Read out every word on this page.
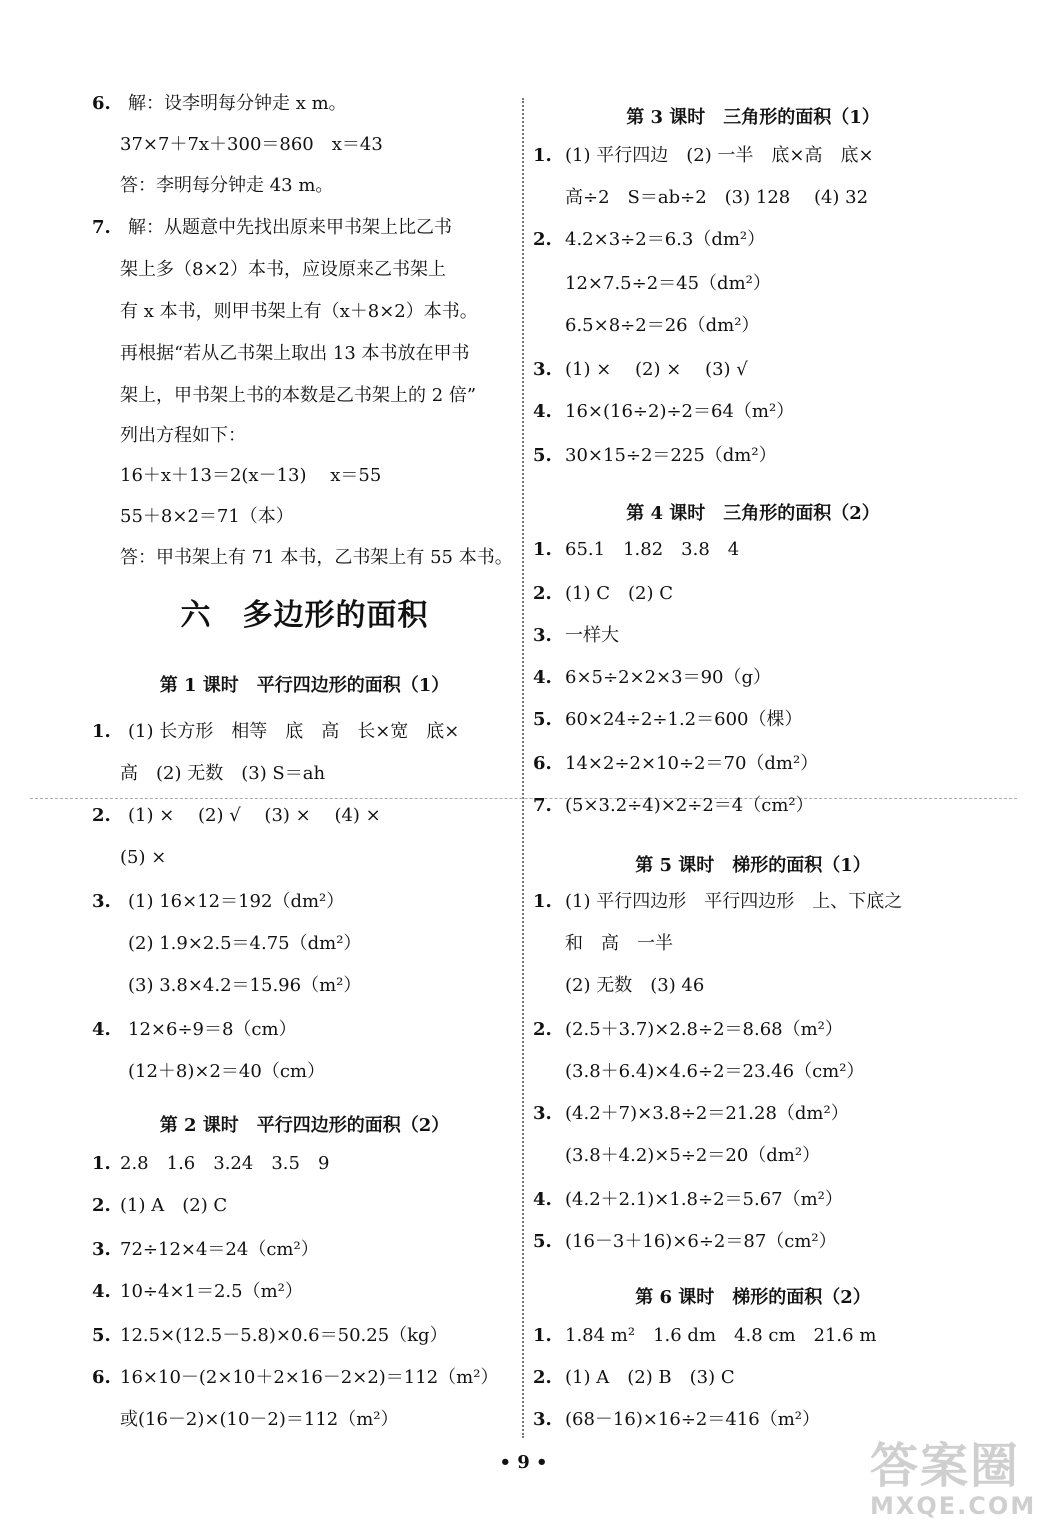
6. 解：设李明每分钟走 x m。
37×7＋7x＋300＝860　x＝43
答：李明每分钟走 43 m。
7. 解：从题意中先找出原来甲书架上比乙书
架上多（8×2）本书，应设原来乙书架上
有 x 本书，则甲书架上有（x＋8×2）本书。
再根据“若从乙书架上取出 13 本书放在甲书
架上，甲书架上书的本数是乙书架上的 2 倍”
列出方程如下：
16＋x＋13＝2(x－13)　 x＝55
55＋8×2＝71（本）
答：甲书架上有 71 本书，乙书架上有 55 本书。
第 1 课时　平行四边形的面积（1）
1. (1) 长方形　相等　底　高　长×宽　底×
高　(2) 无数　(3) S＝ah
2. (1) ×　 (2) √　 (3) ×　 (4) ×
(5) ×
3. (1) 16×12＝192（dm²）
(2) 1.9×2.5＝4.75（dm²）
(3) 3.8×4.2＝15.96（m²）
4. 12×6÷9＝8（cm）
(12＋8)×2＝40（cm）
第 2 课时　平行四边形的面积（2）
1. 2.8　1.6　3.24　3.5　9
2. (1) A　(2) C
3. 72÷12×4＝24（cm²）
4. 10÷4×1＝2.5（m²）
5. 12.5×(12.5－5.8)×0.6＝50.25（kg）
6. 16×10－(2×10＋2×16－2×2)＝112（m²）
或(16－2)×(10－2)＝112（m²）
六　多边形的面积
第 3 课时　三角形的面积（1）
1. (1) 平行四边　(2) 一半　底×高　底×
高÷2　S＝ab÷2　(3) 128　 (4) 32
2. 4.2×3÷2＝6.3（dm²）
12×7.5÷2＝45（dm²）
6.5×8÷2＝26（dm²）
3. (1) ×　 (2) ×　 (3) √
4. 16×(16÷2)÷2＝64（m²）
5. 30×15÷2＝225（dm²）
第 4 课时　三角形的面积（2）
1. 65.1　1.82　3.8　4
2. (1) C　(2) C
3. 一样大
4. 6×5÷2×2×3＝90（g）
5. 60×24÷2÷1.2＝600（棵）
6. 14×2÷2×10÷2＝70（dm²）
7. (5×3.2÷4)×2÷2＝4（cm²）
第 5 课时　梯形的面积（1）
1. (1) 平行四边形　平行四边形　上、下底之
和　高　一半
(2) 无数　(3) 46
2. (2.5＋3.7)×2.8÷2＝8.68（m²）
(3.8＋6.4)×4.6÷2＝23.46（cm²）
3. (4.2＋7)×3.8÷2＝21.28（dm²）
(3.8＋4.2)×5÷2＝20（dm²）
4. (4.2＋2.1)×1.8÷2＝5.67（m²）
5. (16－3＋16)×6÷2＝87（cm²）
第 6 课时　梯形的面积（2）
1. 1.84 m²　1.6 dm　4.8 cm　21.6 m
2. (1) A　(2) B　(3) C
3. (68－16)×16÷2＝416（m²）
• 9 •	答案圈
MXQE.COM
